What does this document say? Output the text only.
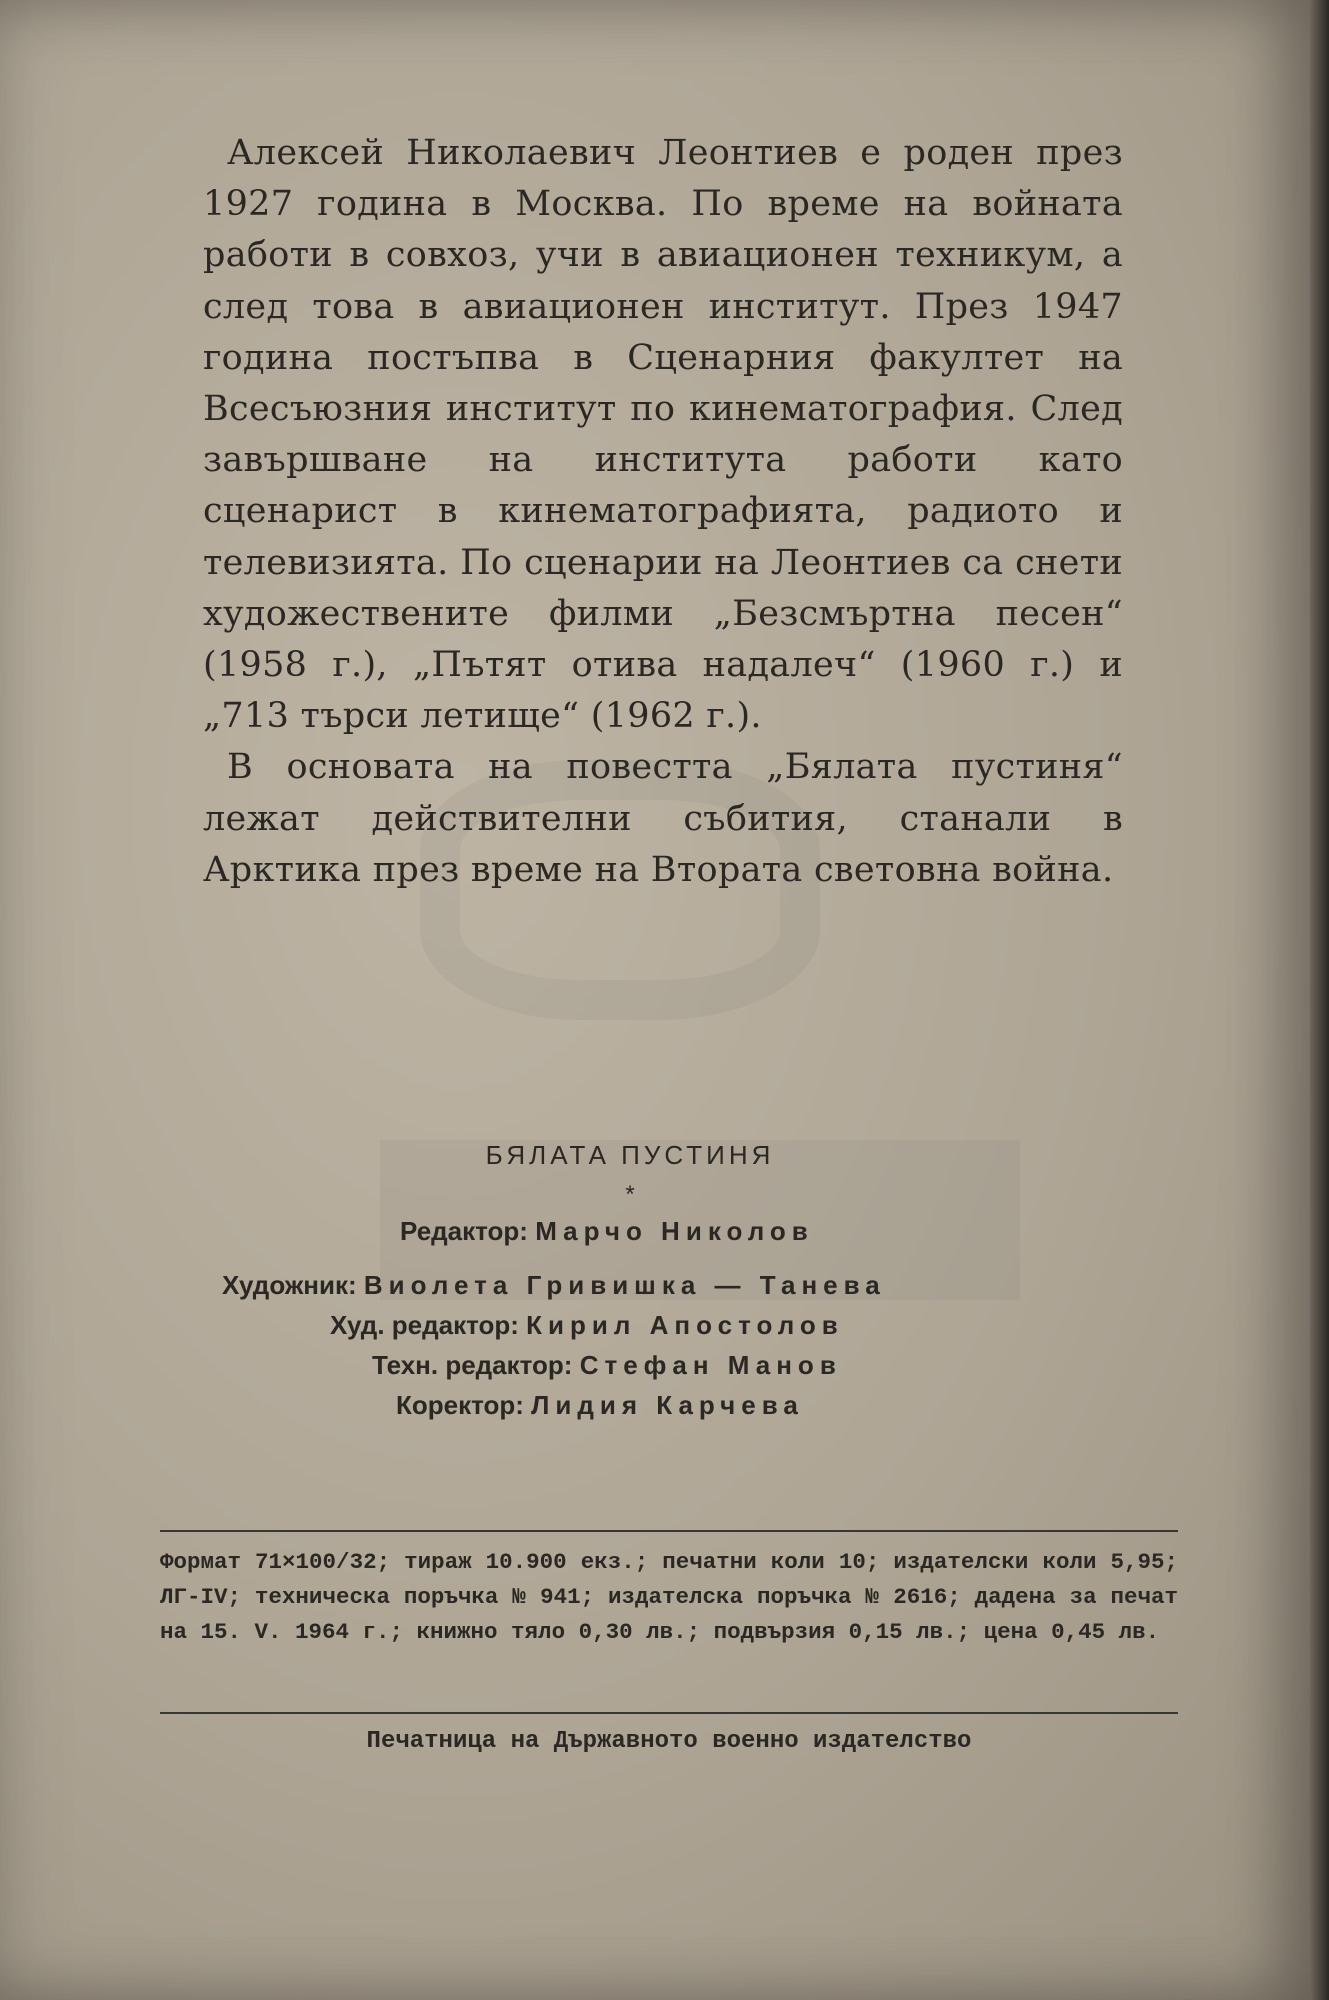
Алексей Николаевич Леонтиев е роден през 1927 година в Москва. По време на войната работи в совхоз, учи в авиационен техникум, а след това в авиационен институт. През 1947 година постъпва в Сценарния факултет на Всесъюзния институт по кинематография. След завършване на института работи като сценарист в кинематографията, радиото и телевизията. По сценарии на Леонтиев са снети художествените филми „Безсмъртна песен“ (1958 г.), „Пътят отива надалеч“ (1960 г.) и „713 търси летище“ (1962 г.).

В основата на повестта „Бялата пустиня“ лежат действителни събития, станали в Арктика през време на Втората световна война.

БЯЛАТА ПУСТИНЯ
*
Редактор: Марчо Николов
Художник: Виолета Гривишка — Танева
Худ. редактор: Кирил Апостолов
Техн. редактор: Стефан Манов
Коректор: Лидия Карчева
Формат 71×100/32; тираж 10.900 екз.; печатни коли 10; издателски коли 5,95; ЛГ-IV; техническа поръчка № 941; издателска поръчка № 2616; дадена за печат на 15. V. 1964 г.; книжно тяло 0,30 лв.; подвързия 0,15 лв.; цена 0,45 лв.
Печатница на Държавното военно издателство
